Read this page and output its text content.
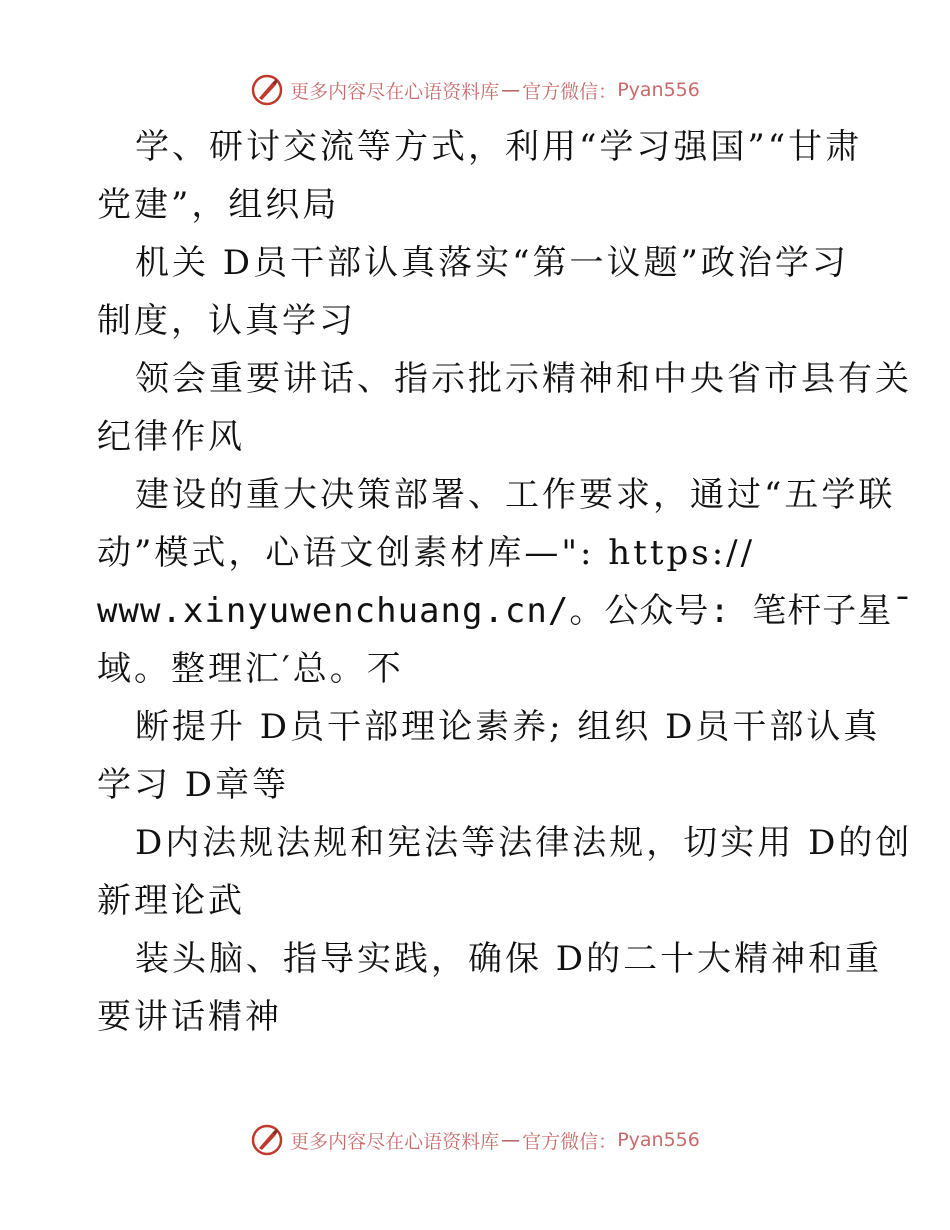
更多内容尽在心语资料库 — 官方微信： Pyan556
学、研讨交流等方式，利用“学习强国”“甘肃
党建”，组织局
机关 D员干部认真落实“第一议题”政治学习
制度，认真学习
领会重要讲话、指示批示精神和中央省市县有关
纪律作风
建设的重大决策部署、工作要求，通过“五学联
动”模式，心语文创素材库—": https://
www.xinyuwenchuang.cn/。公众号: 笔杆子星¯
域。整理汇′总。不
断提升 D员干部理论素养; 组织 D员干部认真
学习 D章等
D内法规法规和宪法等法律法规，切实用 D的创
新理论武
装头脑、指导实践，确保 D的二十大精神和重
要讲话精神
更多内容尽在心语资料库 — 官方微信： Pyan556
